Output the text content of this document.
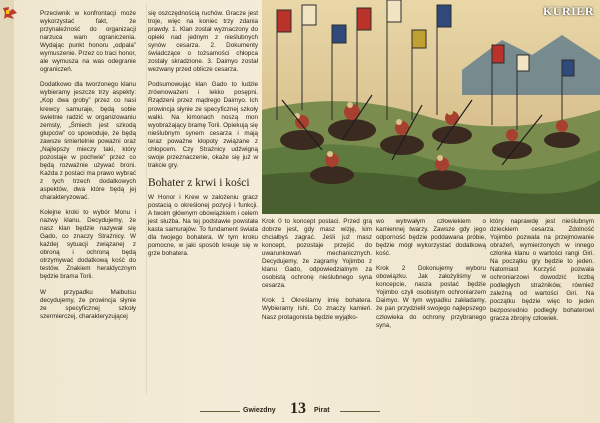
Przeciwnik w konfrontacji może wykorzystać fakt, że przynależność do organizacji narzuca wam ograniczenia. Wydając punkt honoru „odpala” wymuszenie. Przez co traci honor, ale wymusza na was odegranie ograniczeń.

Dodatkowo dla tworzonego klanu wybieramy jeszcze trzy aspekty: „Kop dwa groby” przez co nasi krewcy samuraje, będą sobie świetnie radzić w organizowaniu zemsty, „Śmiech jest szkodą głupców” co spowoduje, że będą zawsze śmiertelnie poważni oraz „Najlepszy mieczy taki, który pozostaje w pochwie” przez co będą rozważnie używać broni. Każda z postaci ma prawo wybrać z tych trzech dodatkowych aspektów, dwa które będą jej charakteryzować.

Kolejne kroki to wybór Monu i nazwy klanu. Decydujemy, że nasz klan będzie nazywał się Gado, co znaczy Strażnicy. W każdej sytuacji związanej z obroną i ochroną będą otrzymywać dodatkową kość do testów. Znakiem heraldycznym będzie brama Torii.

W przypadku Maibutsu decydujemy, że prowincja słynie ze specyficznej szkoły szermierczej, charakteryzującej

się oszczędnością ruchów. Gracze jest troje, więc na koniec trzy zdania prawdy. 1. Klan został wyznaczony do opieki nad jednym z nieślubnych synów cesarza. 2. Dokumenty świadczące o tożsamości chłopca zostały skradzione. 3. Daimyo został wezwany przed oblicze cesarza.

Podsumowując klan Gado to ludzie zrównoważeni i lekko posępni. Rządzeni przez mądrego Daimyo. Ich prowincja słynie ze specyficznej szkoły walki. Na kimonach noszą mon wyobrażający bramę Torii. Opiekują się nieślubnym synem cesarza i mają teraz poważne kłopoty związane z chłopcem. Czy Strażnicy udźwigną swoje przeznaczenie, okaże się już w trakcie gry.

Bohater z krwi i kości

W Honor i Krew w założeniu gracz postacią o określonej pozycji i funkcji. A twoim głównym obowiązkiem i celem jest służba. Na tej podstawie powstała kasta samurajów. To fundament świata dla twojego bohatera. W tym kroku pomocne, w jaki sposób kreuje się w grze bohatera.

KURIER

Krok 0 to koncept postaci. Przed grą dobrze jest, gdy masz wizję, kim chciałbyś zagrać. Jeśli już masz koncept, pozostaje przejść do uwarunkowań mechanicznych. Decydujemy, że zagramy Yojimbo z klanu Gado, odpowiedzialnym za osobistą ochronę nieślubnego syna cesarza.

Krok 1 Określamy imię bohatera. Wybieramy Ishi. Co znaczy kamień. Nasz protagonista będzie wyjątko-

wo wytrwałym człowiekiem o kamiennej twarzy. Zawsze gdy jego odporność będzie poddawana próbie, będzie mógł wykorzystać dodatkową kość.

Krok 2 Dokonujemy wyboru obowiązku. Jak założyliśmy w koncepcie, nasza postać będzie Yojimbo czyli osobistym ochroniarzem Daimyo. W tym wypadku zakładamy, że pan przydzielił swojego najlepszego człowieka do ochrony przybranego syna,

który naprawdę jest nieślubnym dzieckiem cesarza. Zdolność Yojimbo pozwala na przejmowanie obrażeń, wymierzonych w innego członka klanu o wartości rangi Giri. Na początku gry będzie to jeden. Natomiast Korzyść pozwala ochroniarzowi dowodzić liczbą podległych strażników, również zależną od wartości Giri. Na początku będzie więc to jeden bezposrednio podległy bohaterowi gracza zbrojny człowiek.

Gwiezdny 13 Pirat
